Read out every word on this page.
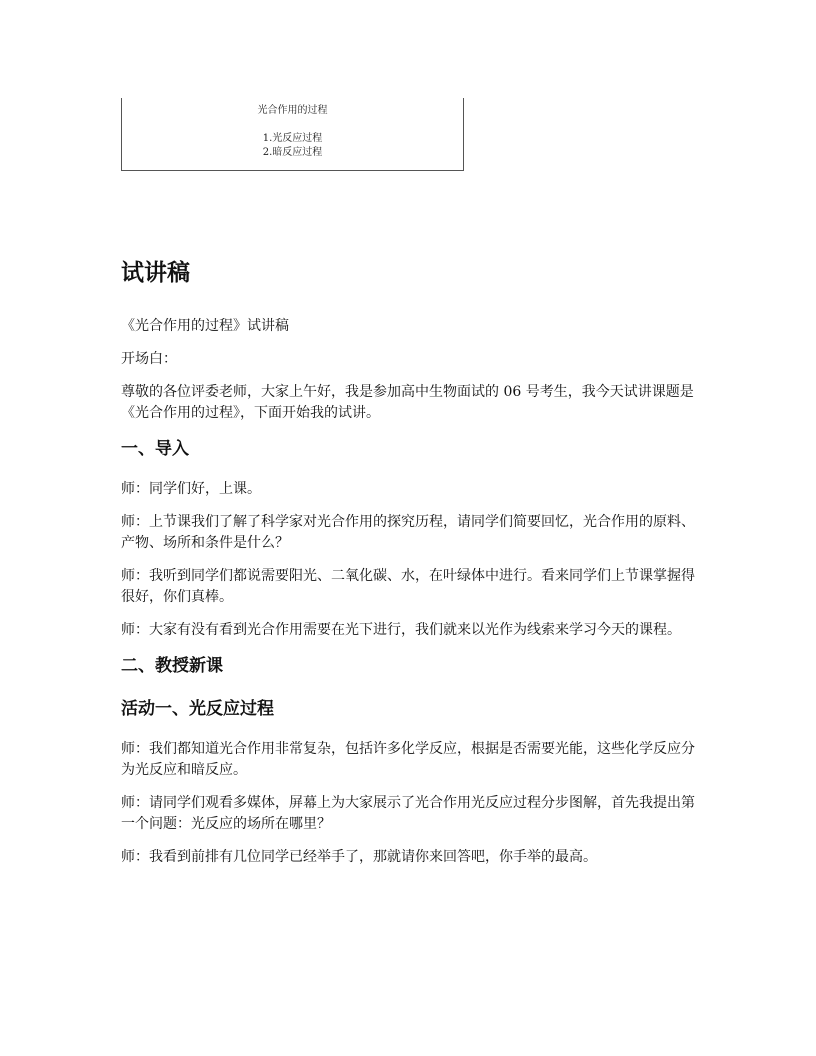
光合作用的过程
1.光反应过程
2.暗反应过程
试讲稿

《光合作用的过程》试讲稿

开场白：

尊敬的各位评委老师，大家上午好，我是参加高中生物面试的 06 号考生，我今天试讲课题是《光合作用的过程》，下面开始我的试讲。

一、导入

师：同学们好，上课。

师：上节课我们了解了科学家对光合作用的探究历程，请同学们简要回忆，光合作用的原料、产物、场所和条件是什么？

师：我听到同学们都说需要阳光、二氧化碳、水，在叶绿体中进行。看来同学们上节课掌握得很好，你们真棒。

师：大家有没有看到光合作用需要在光下进行，我们就来以光作为线索来学习今天的课程。

二、教授新课
活动一、光反应过程

师：我们都知道光合作用非常复杂，包括许多化学反应，根据是否需要光能，这些化学反应分为光反应和暗反应。

师：请同学们观看多媒体，屏幕上为大家展示了光合作用光反应过程分步图解，首先我提出第一个问题：光反应的场所在哪里？

师：我看到前排有几位同学已经举手了，那就请你来回答吧，你手举的最高。
